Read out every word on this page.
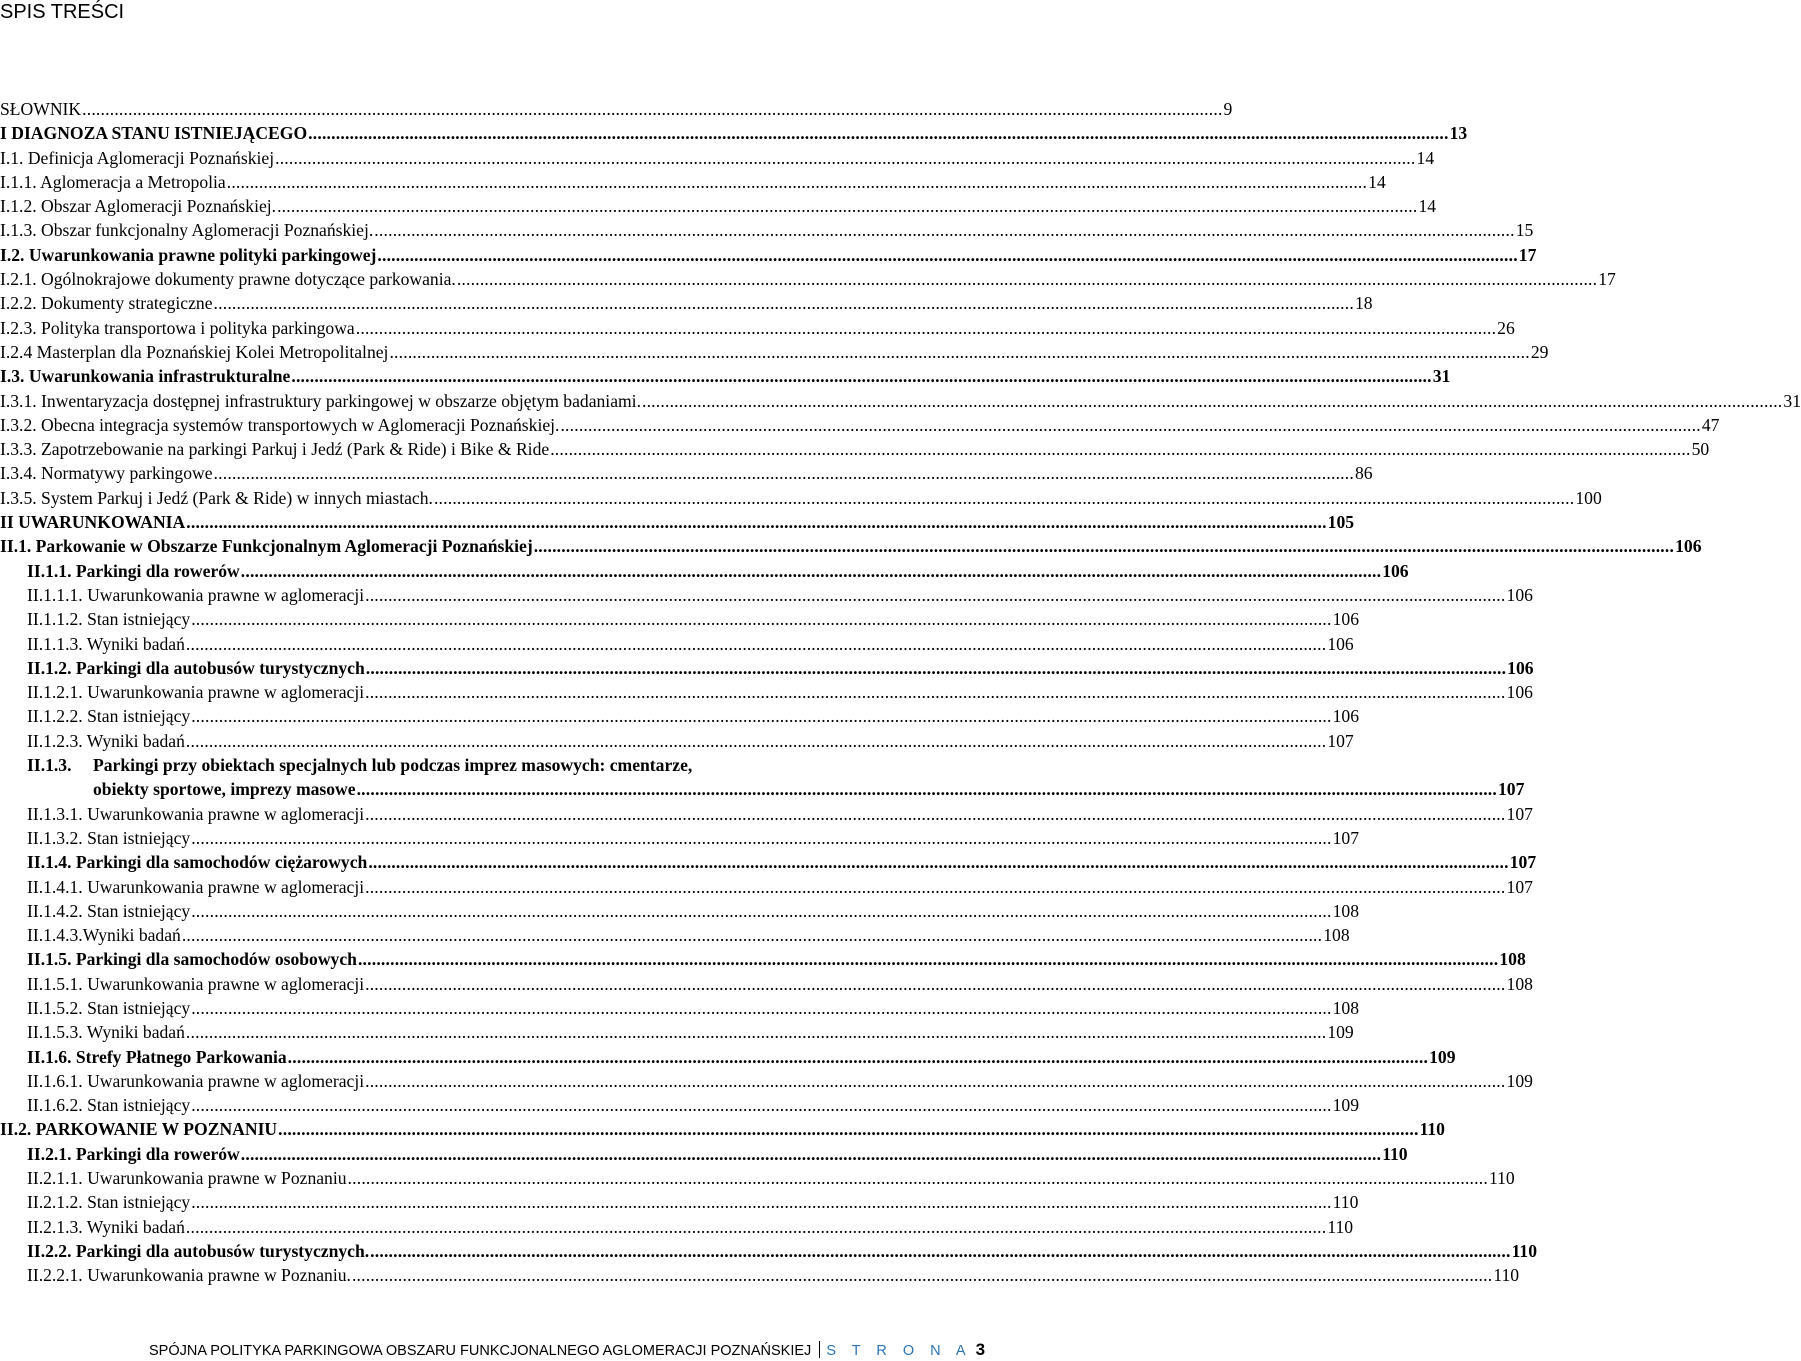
SPIS TREŚCI
SŁOWNIK .....	9
I DIAGNOZA STANU ISTNIEJĄCEGO .....	13
I.1. Definicja Aglomeracji Poznańskiej .....	14
I.1.1. Aglomeracja a Metropolia .....	14
I.1.2. Obszar Aglomeracji Poznańskiej. .....	14
I.1.3. Obszar funkcjonalny Aglomeracji Poznańskiej. .....	15
I.2. Uwarunkowania prawne polityki parkingowej .....	17
I.2.1. Ogólnokrajowe dokumenty prawne dotyczące parkowania. .....	17
I.2.2. Dokumenty strategiczne .....	18
I.2.3. Polityka transportowa i polityka parkingowa .....	26
I.2.4 Masterplan dla Poznańskiej Kolei Metropolitalnej .....	29
I.3. Uwarunkowania infrastrukturalne .....	31
I.3.1. Inwentaryzacja dostępnej infrastruktury parkingowej w obszarze objętym badaniami. .....	31
I.3.2. Obecna integracja systemów transportowych w Aglomeracji Poznańskiej. .....	47
I.3.3. Zapotrzebowanie na parkingi Parkuj i Jedź (Park & Ride) i Bike & Ride .....	50
I.3.4. Normatywy parkingowe .....	86
I.3.5. System Parkuj i Jedź (Park & Ride) w innych miastach. .....	100
II UWARUNKOWANIA .....	105
II.1. Parkowanie w Obszarze Funkcjonalnym Aglomeracji Poznańskiej .....	106
II.1.1. Parkingi dla rowerów .....	106
II.1.1.1. Uwarunkowania prawne w aglomeracji .....	106
II.1.1.2. Stan istniejący .....	106
II.1.1.3. Wyniki badań .....	106
II.1.2. Parkingi dla autobusów turystycznych .....	106
II.1.2.1. Uwarunkowania prawne w aglomeracji .....	106
II.1.2.2. Stan istniejący .....	106
II.1.2.3. Wyniki badań .....	107
II.1.3. Parkingi przy obiektach specjalnych lub podczas imprez masowych: cmentarze,
obiekty sportowe, imprezy masowe .....	107
II.1.3.1. Uwarunkowania prawne w aglomeracji .....	107
II.1.3.2. Stan istniejący .....	107
II.1.4. Parkingi dla samochodów ciężarowych .....	107
II.1.4.1. Uwarunkowania prawne w aglomeracji .....	107
II.1.4.2. Stan istniejący .....	108
II.1.4.3.Wyniki badań .....	108
II.1.5. Parkingi dla samochodów osobowych .....	108
II.1.5.1. Uwarunkowania prawne w aglomeracji .....	108
II.1.5.2. Stan istniejący .....	108
II.1.5.3. Wyniki badań .....	109
II.1.6. Strefy Płatnego Parkowania .....	109
II.1.6.1. Uwarunkowania prawne w aglomeracji .....	109
II.1.6.2. Stan istniejący .....	109
II.2. PARKOWANIE W POZNANIU .....	110
II.2.1. Parkingi dla rowerów .....	110
II.2.1.1. Uwarunkowania prawne w Poznaniu .....	110
II.2.1.2. Stan istniejący .....	110
II.2.1.3. Wyniki badań .....	110
II.2.2. Parkingi dla autobusów turystycznych. .....	110
II.2.2.1. Uwarunkowania prawne w Poznaniu. .....	110
SPÓJNA POLITYKA PARKINGOWA OBSZARU FUNKCJONALNEGO AGLOMERACJI POZNAŃSKIEJ S T R O N A 3
